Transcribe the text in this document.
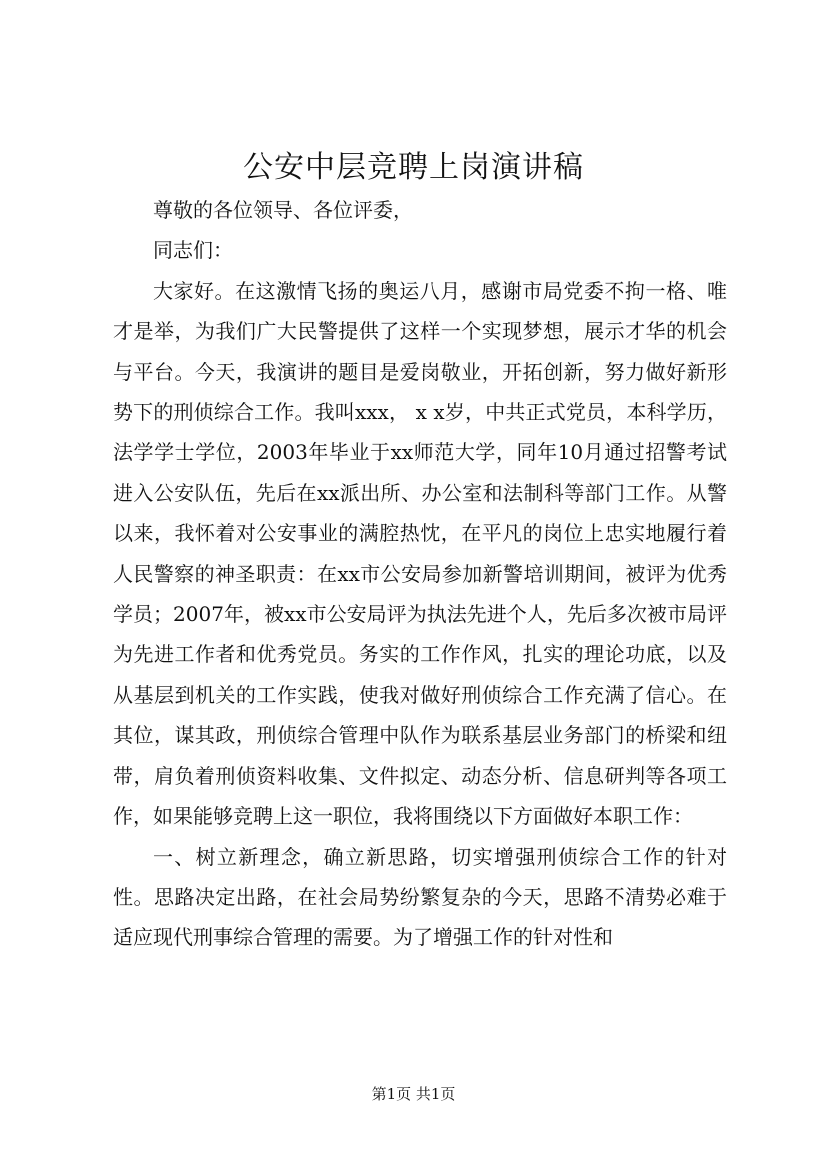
公安中层竞聘上岗演讲稿

尊敬的各位领导、各位评委，

同志们：

大家好。在这激情飞扬的奥运八月，感谢市局党委不拘一格、唯才是举，为我们广大民警提供了这样一个实现梦想，展示才华的机会与平台。今天，我演讲的题目是爱岗敬业，开拓创新，努力做好新形势下的刑侦综合工作。我叫xxx， x x岁，中共正式党员，本科学历，法学学士学位，2003年毕业于xx师范大学，同年10月通过招警考试进入公安队伍，先后在xx派出所、办公室和法制科等部门工作。从警以来，我怀着对公安事业的满腔热忱，在平凡的岗位上忠实地履行着人民警察的神圣职责：在xx市公安局参加新警培训期间，被评为优秀学员；2007年，被xx市公安局评为执法先进个人，先后多次被市局评为先进工作者和优秀党员。务实的工作作风，扎实的理论功底，以及从基层到机关的工作实践，使我对做好刑侦综合工作充满了信心。在其位，谋其政，刑侦综合管理中队作为联系基层业务部门的桥梁和纽带，肩负着刑侦资料收集、文件拟定、动态分析、信息研判等各项工作，如果能够竞聘上这一职位，我将围绕以下方面做好本职工作：

一、树立新理念，确立新思路，切实增强刑侦综合工作的针对性。思路决定出路，在社会局势纷繁复杂的今天，思路不清势必难于适应现代刑事综合管理的需要。为了增强工作的针对性和

第1页 共1页
